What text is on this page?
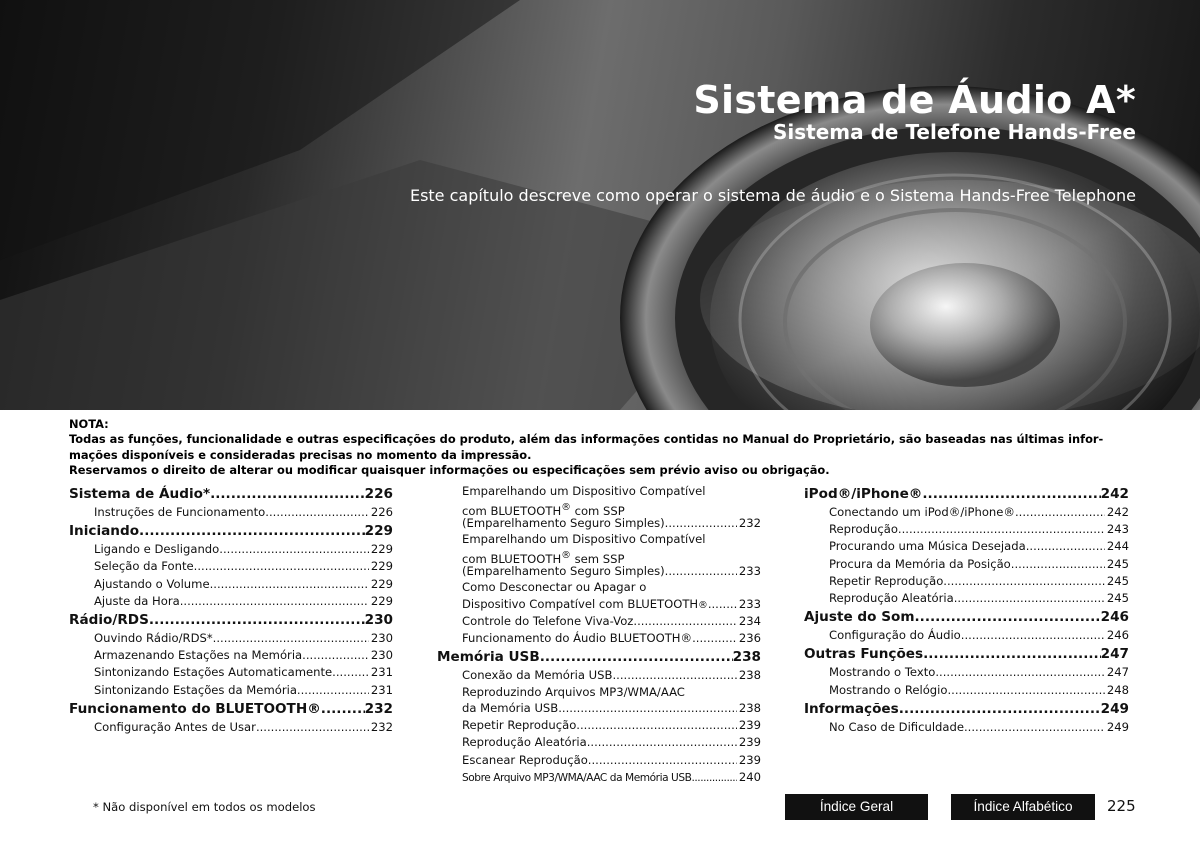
Sistema de Áudio A*
Sistema de Telefone Hands-Free
Este capítulo descreve como operar o sistema de áudio e o Sistema Hands-Free Telephone
NOTA:
Todas as funções, funcionalidade e outras especificações do produto, além das informações contidas no Manual do Proprietário, são baseadas nas últimas infor-
mações disponíveis e consideradas precisas no momento da impressão.
Reservamos o direito de alterar ou modificar quaisquer informações ou especificações sem prévio aviso ou obrigação.
Sistema de Áudio* .....	226
Instruções de Funcionamento .....	226
Iniciando .....	229
Ligando e Desligando .....	229
Seleção da Fonte .....	229
Ajustando o Volume .....	229
Ajuste da Hora .....	229
Rádio/RDS .....	230
Ouvindo Rádio/RDS* .....	230
Armazenando Estações na Memória .....	230
Sintonizando Estações Automaticamente .....	231
Sintonizando Estações da Memória .....	231
Funcionamento do BLUETOOTH® .....	232
Configuração Antes de Usar .....	232
Emparelhando um Dispositivo Compatível
com BLUETOOTH® com SSP
(Emparelhamento Seguro Simples) .....	232
Emparelhando um Dispositivo Compatível
com BLUETOOTH® sem SSP
(Emparelhamento Seguro Simples) .....	233
Como Desconectar ou Apagar o
Dispositivo Compatível com BLUETOOTH ® .....	233
Controle do Telefone Viva-Voz .....	234
Funcionamento do Áudio BLUETOOTH® .....	236
Memória USB .....	238
Conexão da Memória USB .....	238
Reproduzindo Arquivos MP3/WMA/AAC
da Memória USB .....	238
Repetir Reprodução .....	239
Reprodução Aleatória .....	239
Escanear Reprodução .....	239
Sobre Arquivo MP3/WMA/AAC da Memória USB .....	240
iPod®/iPhone® .....	242
Conectando um iPod®/iPhone® .....	242
Reprodução .....	243
Procurando uma Música Desejada .....	244
Procura da Memória da Posição .....	245
Repetir Reprodução .....	245
Reprodução Aleatória .....	245
Ajuste do Som .....	246
Configuração do Áudio .....	246
Outras Funções .....	247
Mostrando o Texto .....	247
Mostrando o Relógio .....	248
Informações .....	249
No Caso de Dificuldade .....	249
* Não disponível em todos os modelos	Índice Geral	Índice Alfabético	225
